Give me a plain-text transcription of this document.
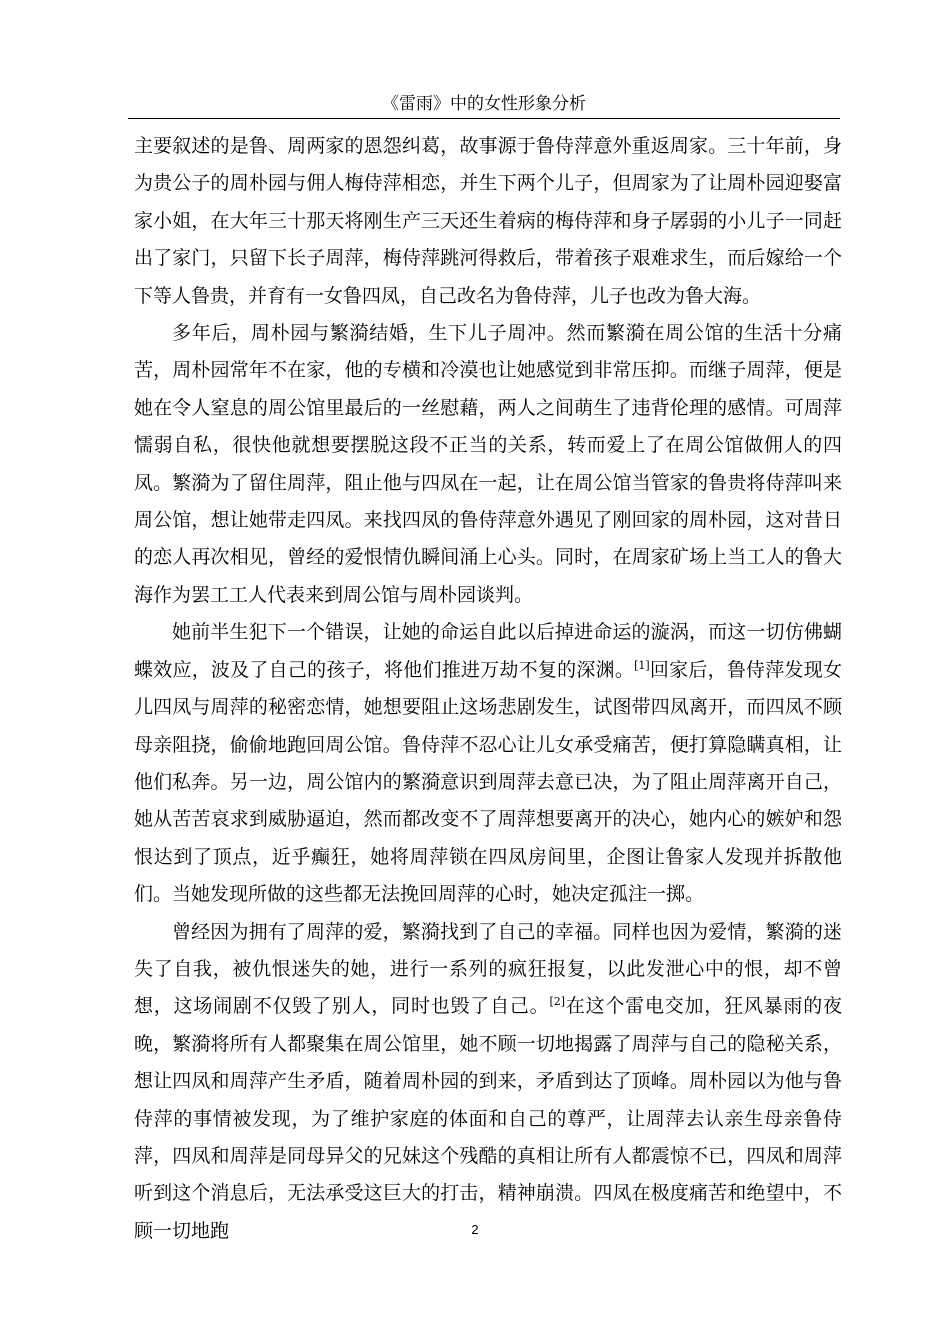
《雷雨》中的女性形象分析

主要叙述的是鲁、周两家的恩怨纠葛，故事源于鲁侍萍意外重返周家。三十年前，身为贵公子的周朴园与佣人梅侍萍相恋，并生下两个儿子，但周家为了让周朴园迎娶富家小姐，在大年三十那天将刚生产三天还生着病的梅侍萍和身子孱弱的小儿子一同赶出了家门，只留下长子周萍，梅侍萍跳河得救后，带着孩子艰难求生，而后嫁给一个下等人鲁贵，并育有一女鲁四凤，自己改名为鲁侍萍，儿子也改为鲁大海。

多年后，周朴园与繁漪结婚，生下儿子周冲。然而繁漪在周公馆的生活十分痛苦，周朴园常年不在家，他的专横和冷漠也让她感觉到非常压抑。而继子周萍，便是她在令人窒息的周公馆里最后的一丝慰藉，两人之间萌生了违背伦理的感情。可周萍懦弱自私，很快他就想要摆脱这段不正当的关系，转而爱上了在周公馆做佣人的四凤。繁漪为了留住周萍，阻止他与四凤在一起，让在周公馆当管家的鲁贵将侍萍叫来周公馆，想让她带走四凤。来找四凤的鲁侍萍意外遇见了刚回家的周朴园，这对昔日的恋人再次相见，曾经的爱恨情仇瞬间涌上心头。同时，在周家矿场上当工人的鲁大海作为罢工工人代表来到周公馆与周朴园谈判。

她前半生犯下一个错误，让她的命运自此以后掉进命运的漩涡，而这一切仿佛蝴蝶效应，波及了自己的孩子，将他们推进万劫不复的深渊。[1]回家后，鲁侍萍发现女儿四凤与周萍的秘密恋情，她想要阻止这场悲剧发生，试图带四凤离开，而四凤不顾母亲阻挠，偷偷地跑回周公馆。鲁侍萍不忍心让儿女承受痛苦，便打算隐瞒真相，让他们私奔。另一边，周公馆内的繁漪意识到周萍去意已决，为了阻止周萍离开自己，她从苦苦哀求到威胁逼迫，然而都改变不了周萍想要离开的决心，她内心的嫉妒和怨恨达到了顶点，近乎癫狂，她将周萍锁在四凤房间里，企图让鲁家人发现并拆散他们。当她发现所做的这些都无法挽回周萍的心时，她决定孤注一掷。

曾经因为拥有了周萍的爱，繁漪找到了自己的幸福。同样也因为爱情，繁漪的迷失了自我，被仇恨迷失的她，进行一系列的疯狂报复，以此发泄心中的恨，却不曾想，这场闹剧不仅毁了别人，同时也毁了自己。[2]在这个雷电交加，狂风暴雨的夜晚，繁漪将所有人都聚集在周公馆里，她不顾一切地揭露了周萍与自己的隐秘关系，想让四凤和周萍产生矛盾，随着周朴园的到来，矛盾到达了顶峰。周朴园以为他与鲁侍萍的事情被发现，为了维护家庭的体面和自己的尊严，让周萍去认亲生母亲鲁侍萍，四凤和周萍是同母异父的兄妹这个残酷的真相让所有人都震惊不已，四凤和周萍听到这个消息后，无法承受这巨大的打击，精神崩溃。四凤在极度痛苦和绝望中，不顾一切地跑	2
